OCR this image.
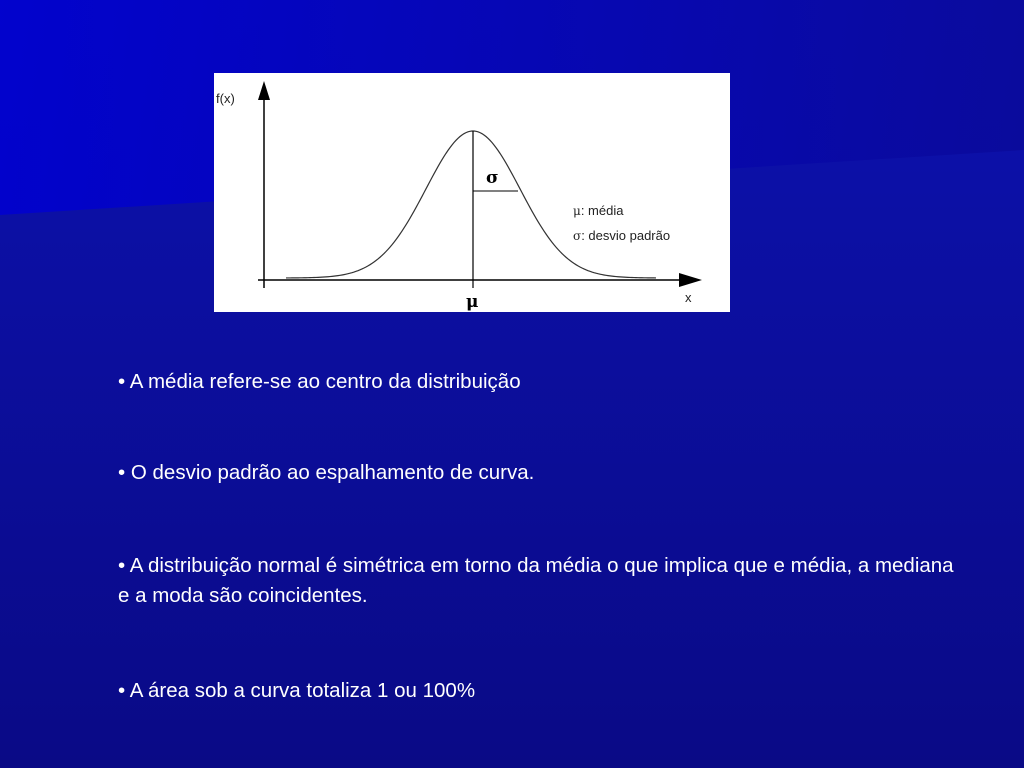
f(x)
x
μ
σ
μ: média
σ: desvio padrão

• A média refere-se ao centro da distribuição

• O desvio padrão ao espalhamento de curva.

• A distribuição normal é simétrica em torno da média o que implica que e média, a mediana e a moda são coincidentes.

• A área sob a curva totaliza 1 ou 100%
